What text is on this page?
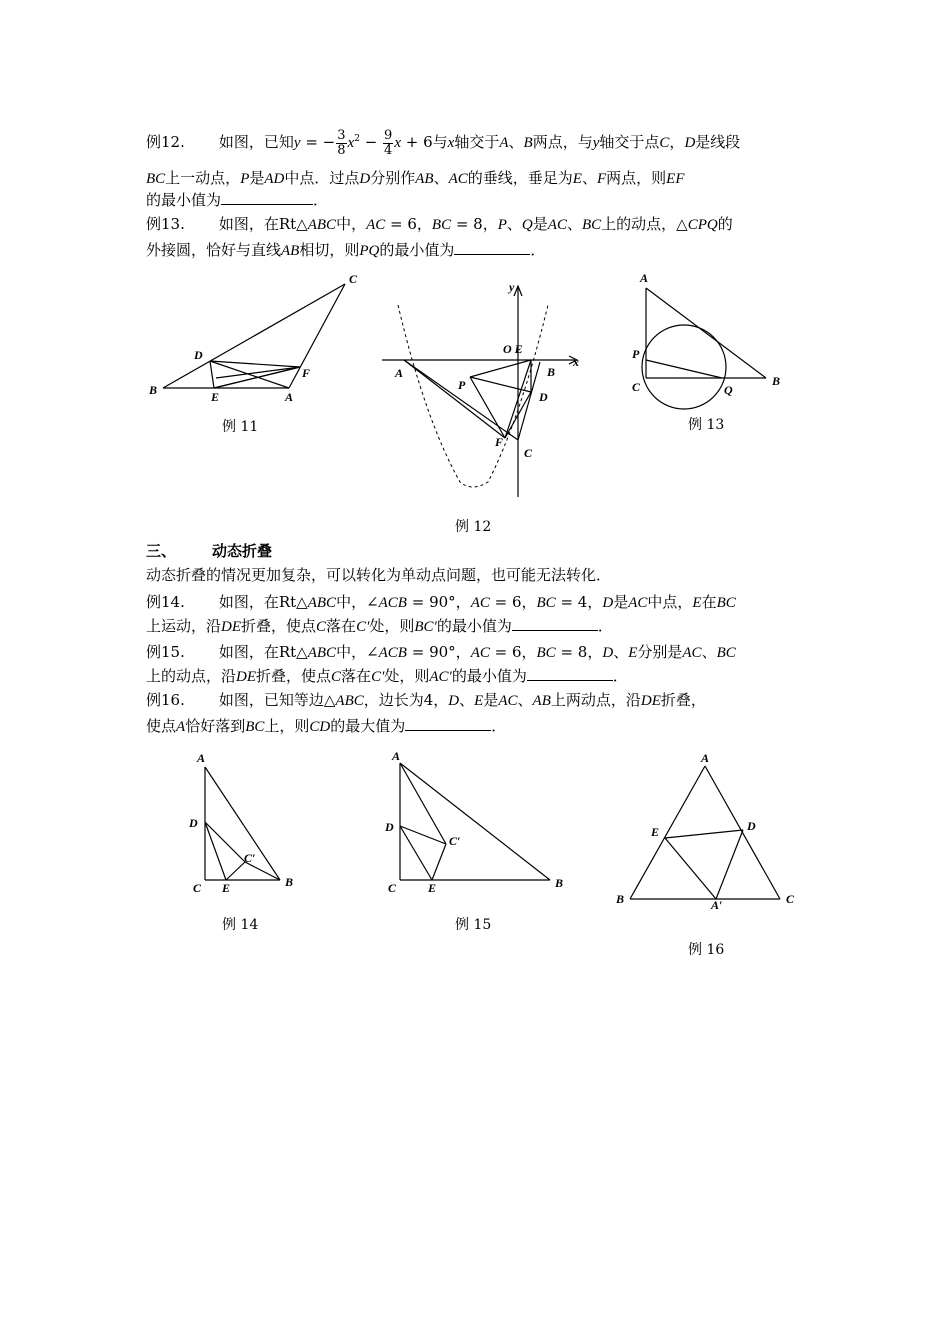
例12. 如图，已知y = − $\frac{3}{8} x^2 - \frac{9}{4}$ x + 6与x轴交于A、B两点，与y轴交于点C，D是线段
BC上一动点，P是AD中点．过点D分别作AB、AC的垂线，垂足为E、F两点，则EF
的最小值为	．
例13. 如图，在Rt△ABC中，AC = 6，BC = 8，P、Q是AC、BC上的动点，△CPQ的
外接圆，恰好与直线AB相切，则PQ的最小值为	．
C
D
F
B	E	A
例 11
y
x
O E
A
P
B
D
F
C
例 12
A
P
C	Q
B
例 13
三、 动态折叠
动态折叠的情况更加复杂，可以转化为单动点问题，也可能无法转化．
例14. 如图，在Rt△ABC中，∠ACB = 90°，AC = 6，BC = 4，D是AC中点，E在BC
上运动，沿DE折叠，使点C落在C′处，则BC′的最小值为	．
例15. 如图，在Rt△ABC中，∠ACB = 90°，AC = 6，BC = 8，D、E分别是AC、BC
上的动点，沿DE折叠，使点C落在C′处，则AC′的最小值为	．
例16. 如图，已知等边△ABC，边长为4，D、E是AC、AB上两动点，沿DE折叠，
使点A恰好落到BC上，则CD的最大值为	．
A
D
C′
C E	B
例 14
A
D
C′
C	E	B
例 15
A
E	D
B	A′	C
例 16
